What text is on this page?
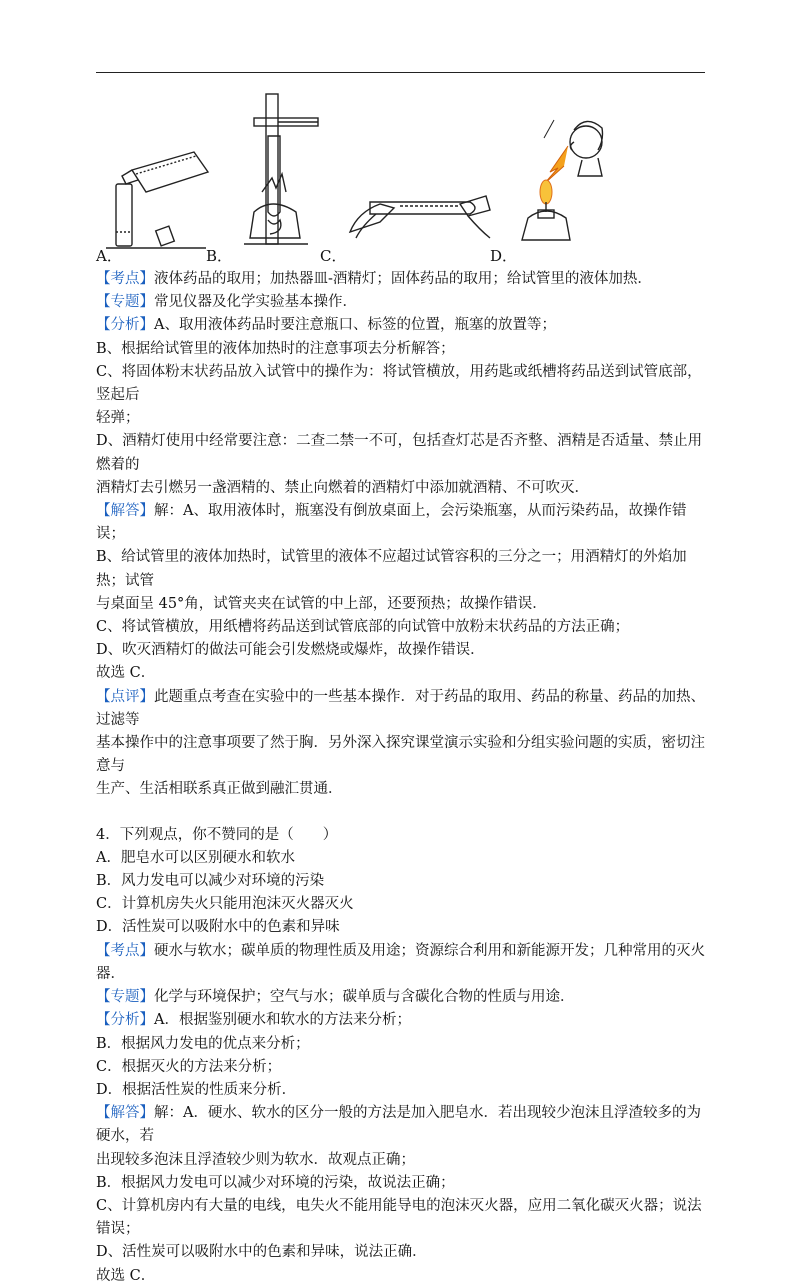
A．	B．	C．	D．

【考点】液体药品的取用；加热器皿-酒精灯；固体药品的取用；给试管里的液体加热．

【专题】常见仪器及化学实验基本操作．

【分析】A、取用液体药品时要注意瓶口、标签的位置，瓶塞的放置等；

B、根据给试管里的液体加热时的注意事项去分析解答；

C、将固体粉末状药品放入试管中的操作为：将试管横放，用药匙或纸槽将药品送到试管底部，竖起后

轻弹；

D、酒精灯使用中经常要注意：二查二禁一不可，包括查灯芯是否齐整、酒精是否适量、禁止用燃着的

酒精灯去引燃另一盏酒精的、禁止向燃着的酒精灯中添加就酒精、不可吹灭．

【解答】解：A、取用液体时，瓶塞没有倒放桌面上，会污染瓶塞，从而污染药品，故操作错误；

B、给试管里的液体加热时，试管里的液体不应超过试管容积的三分之一；用酒精灯的外焰加热；试管

与桌面呈 45°角，试管夹夹在试管的中上部，还要预热；故操作错误．

C、将试管横放，用纸槽将药品送到试管底部的向试管中放粉末状药品的方法正确；

D、吹灭酒精灯的做法可能会引发燃烧或爆炸，故操作错误．

故选 C．

【点评】此题重点考查在实验中的一些基本操作．对于药品的取用、药品的称量、药品的加热、过滤等

基本操作中的注意事项要了然于胸．另外深入探究课堂演示实验和分组实验问题的实质，密切注意与

生产、生活相联系真正做到融汇贯通．

4．下列观点，你不赞同的是（　　）

A．肥皂水可以区别硬水和软水

B．风力发电可以减少对环境的污染

C．计算机房失火只能用泡沫灭火器灭火

D．活性炭可以吸附水中的色素和异味

【考点】硬水与软水；碳单质的物理性质及用途；资源综合利用和新能源开发；几种常用的灭火器．

【专题】化学与环境保护；空气与水；碳单质与含碳化合物的性质与用途．

【分析】A．根据鉴别硬水和软水的方法来分析；

B．根据风力发电的优点来分析；

C．根据灭火的方法来分析；

D．根据活性炭的性质来分析．

【解答】解：A．硬水、软水的区分一般的方法是加入肥皂水．若出现较少泡沫且浮渣较多的为硬水，若

出现较多泡沫且浮渣较少则为软水．故观点正确；

B．根据风力发电可以减少对环境的污染，故说法正确；

C、计算机房内有大量的电线，电失火不能用能导电的泡沫灭火器，应用二氧化碳灭火器；说法错误；

D、活性炭可以吸附水中的色素和异味，说法正确．

故选 C．
